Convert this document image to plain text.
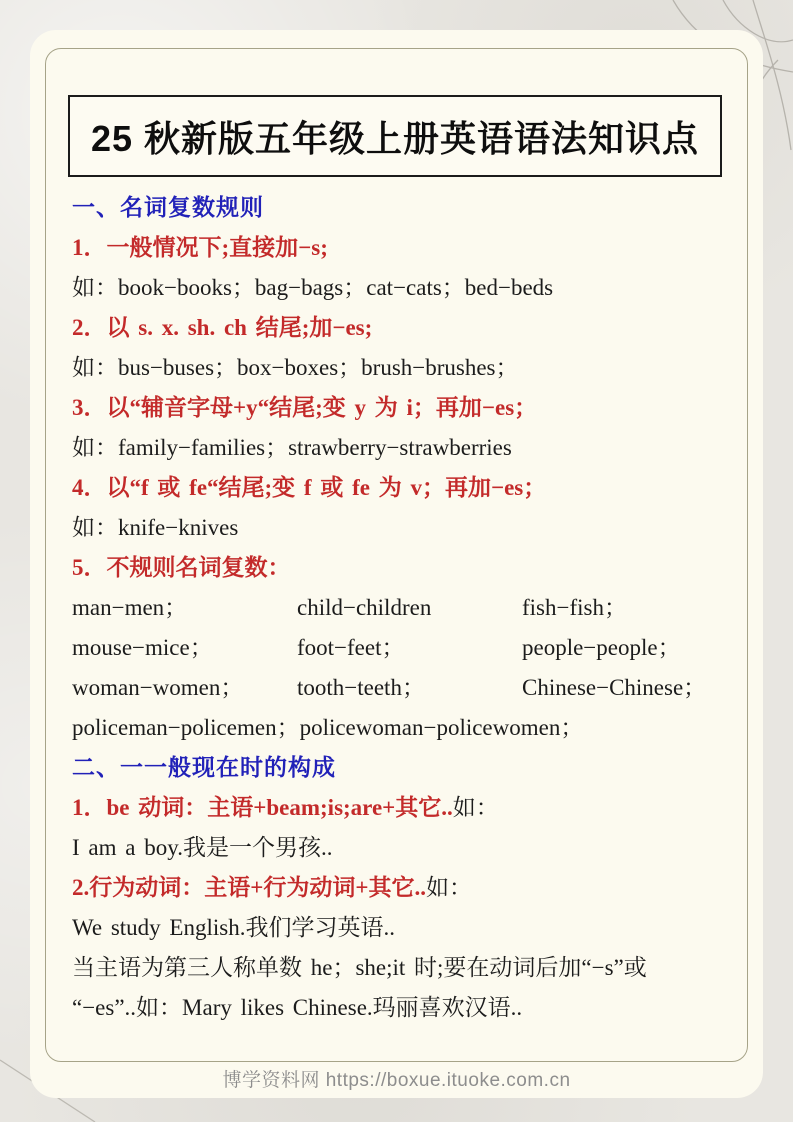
25 秋新版五年级上册英语语法知识点
一、名词复数规则
1．一般情况下;直接加−s;
如：book−books；bag−bags；cat−cats；bed−beds
2．以 s. x. sh. ch 结尾;加−es;
如：bus−buses；box−boxes；brush−brushes；
3．以“辅音字母+y“结尾;变 y 为 i；再加−es；
如：family−families；strawberry−strawberries
4．以“f 或 fe“结尾;变 f 或 fe 为 v；再加−es；
如：knife−knives
5．不规则名词复数：
man−men；	child−children	fish−fish；
mouse−mice；	foot−feet；	people−people；
woman−women；	tooth−teeth；	Chinese−Chinese；
policeman−policemen；policewoman−policewomen；
二、一一般现在时的构成
1．be 动词：主语+beam;is;are+其它..如：
I am a boy.我是一个男孩..
2.行为动词：主语+行为动词+其它..如：
We study English.我们学习英语..
当主语为第三人称单数 he；she;it 时;要在动词后加“−s”或
“−es”..如：Mary likes Chinese.玛丽喜欢汉语..
博学资料网 https://boxue.ituoke.com.cn
